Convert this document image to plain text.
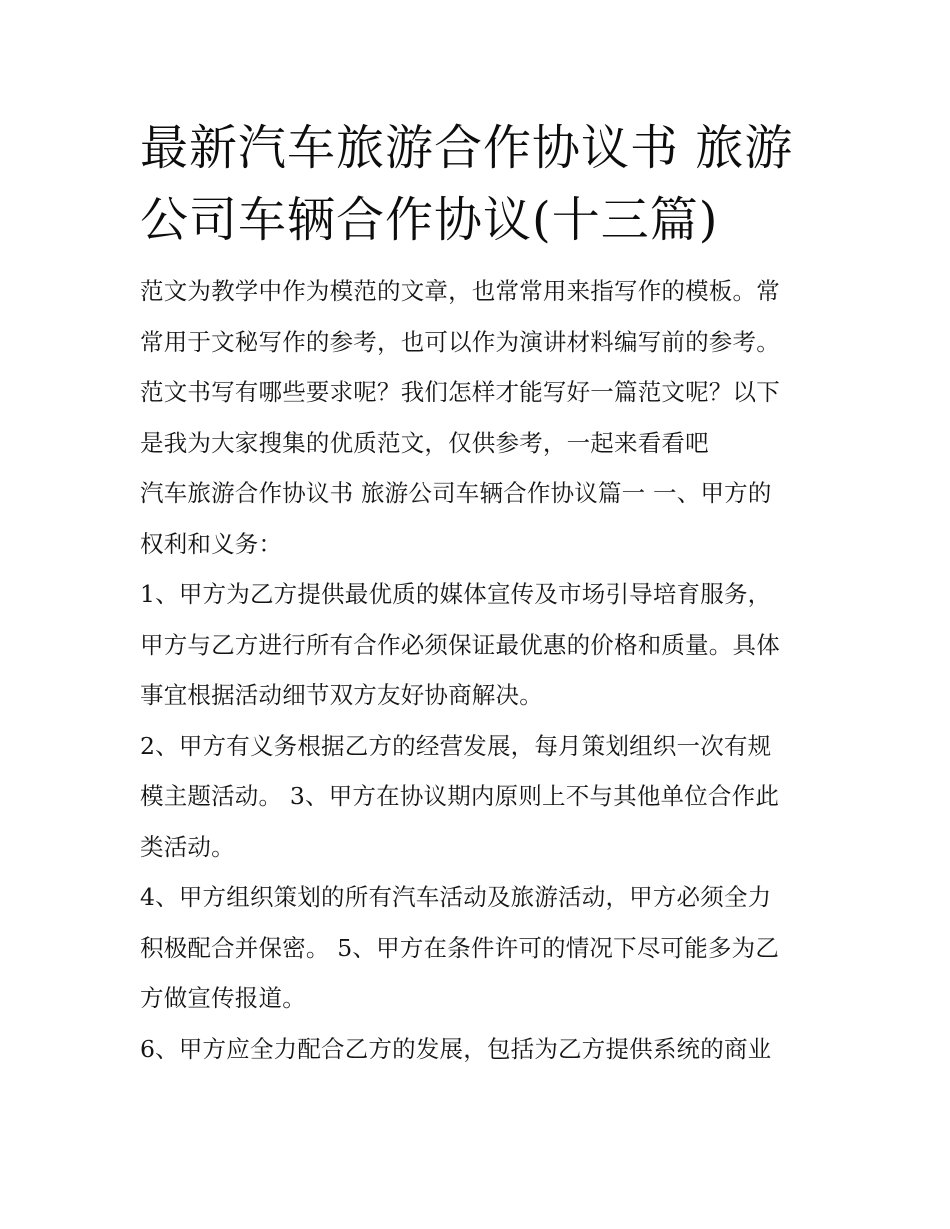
最新汽车旅游合作协议书 旅游
公司车辆合作协议(十三篇)
范文为教学中作为模范的文章，也常常用来指写作的模板。常
常用于文秘写作的参考，也可以作为演讲材料编写前的参考。
范文书写有哪些要求呢？我们怎样才能写好一篇范文呢？以下
是我为大家搜集的优质范文，仅供参考，一起来看看吧
汽车旅游合作协议书 旅游公司车辆合作协议篇一 一、甲方的
权利和义务：
1、甲方为乙方提供最优质的媒体宣传及市场引导培育服务，
甲方与乙方进行所有合作必须保证最优惠的价格和质量。具体
事宜根据活动细节双方友好协商解决。
2、甲方有义务根据乙方的经营发展，每月策划组织一次有规
模主题活动。 3、甲方在协议期内原则上不与其他单位合作此
类活动。
4、甲方组织策划的所有汽车活动及旅游活动，甲方必须全力
积极配合并保密。 5、甲方在条件许可的情况下尽可能多为乙
方做宣传报道。
6、甲方应全力配合乙方的发展，包括为乙方提供系统的商业
